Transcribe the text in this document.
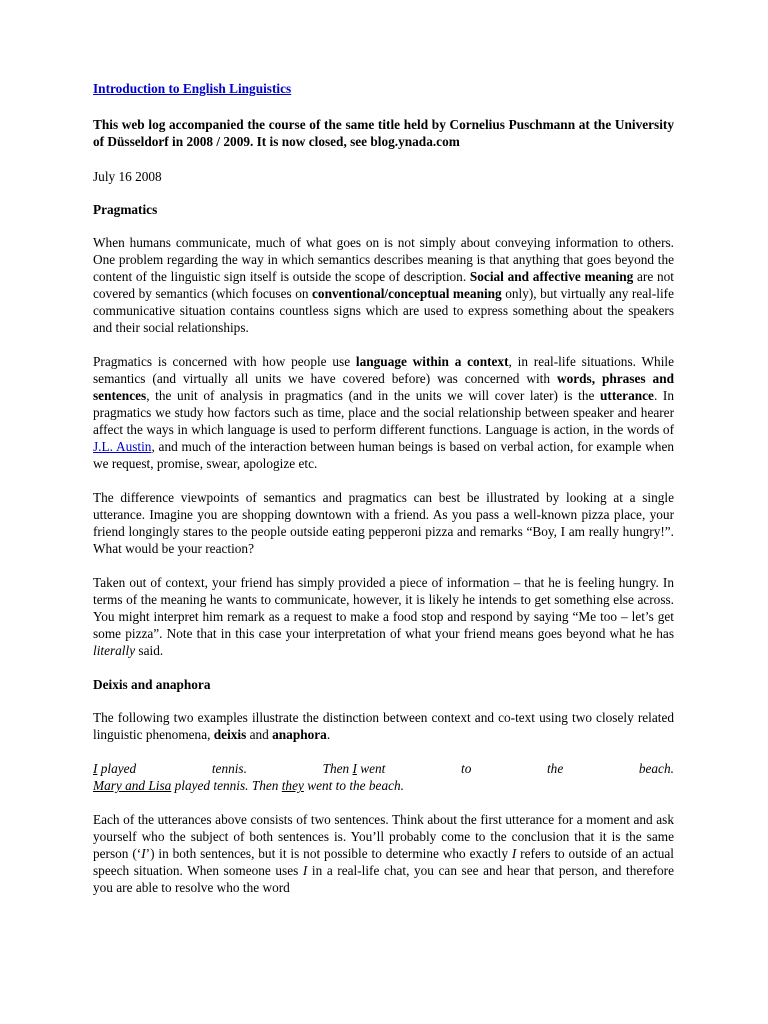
Introduction to English Linguistics

This web log accompanied the course of the same title held by Cornelius Puschmann at the University of Düsseldorf in 2008 / 2009. It is now closed, see blog.ynada.com

July 16 2008

Pragmatics

When humans communicate, much of what goes on is not simply about conveying information to others. One problem regarding the way in which semantics describes meaning is that anything that goes beyond the content of the linguistic sign itself is outside the scope of description. Social and affective meaning are not covered by semantics (which focuses on conventional/conceptual meaning only), but virtually any real-life communicative situation contains countless signs which are used to express something about the speakers and their social relationships.

Pragmatics is concerned with how people use language within a context, in real-life situations. While semantics (and virtually all units we have covered before) was concerned with words, phrases and sentences, the unit of analysis in pragmatics (and in the units we will cover later) is the utterance. In pragmatics we study how factors such as time, place and the social relationship between speaker and hearer affect the ways in which language is used to perform different functions. Language is action, in the words of J.L. Austin, and much of the interaction between human beings is based on verbal action, for example when we request, promise, swear, apologize etc.

The difference viewpoints of semantics and pragmatics can best be illustrated by looking at a single utterance. Imagine you are shopping downtown with a friend. As you pass a well-known pizza place, your friend longingly stares to the people outside eating pepperoni pizza and remarks “Boy, I am really hungry!”. What would be your reaction?

Taken out of context, your friend has simply provided a piece of information – that he is feeling hungry. In terms of the meaning he wants to communicate, however, it is likely he intends to get something else across. You might interpret him remark as a request to make a food stop and respond by saying “Me too – let’s get some pizza”. Note that in this case your interpretation of what your friend means goes beyond what he has literally said.

Deixis and anaphora

The following two examples illustrate the distinction between context and co-text using two closely related linguistic phenomena, deixis and anaphora.

I played	tennis.	Then I went	to	the	beach.
Mary and Lisa played tennis. Then they went to the beach.

Each of the utterances above consists of two sentences. Think about the first utterance for a moment and ask yourself who the subject of both sentences is. You’ll probably come to the conclusion that it is the same person (‘I’) in both sentences, but it is not possible to determine who exactly I refers to outside of an actual speech situation. When someone uses I in a real-life chat, you can see and hear that person, and therefore you are able to resolve who the word
